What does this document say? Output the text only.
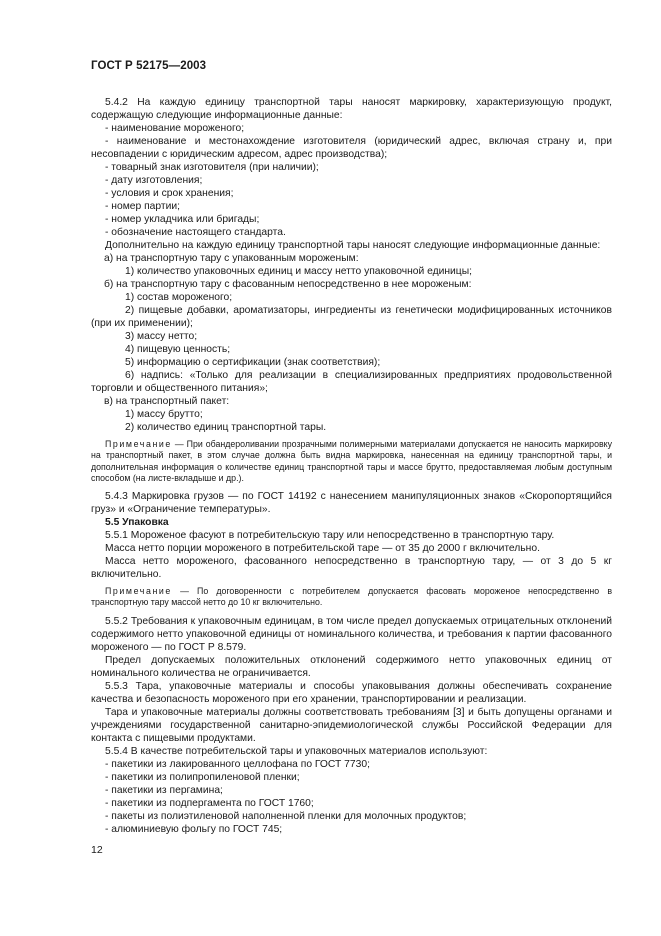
ГОСТ Р 52175—2003

5.4.2 На каждую единицу транспортной тары наносят маркировку, характеризующую продукт, содержащую следующие информационные данные:

- наименование мороженого;

- наименование и местонахождение изготовителя (юридический адрес, включая страну и, при несовпадении с юридическим адресом, адрес производства);

- товарный знак изготовителя (при наличии);

- дату изготовления;

- условия и срок хранения;

- номер партии;

- номер укладчика или бригады;

- обозначение настоящего стандарта.

Дополнительно на каждую единицу транспортной тары наносят следующие информационные данные:

а) на транспортную тару с упакованным мороженым:

1) количество упаковочных единиц и массу нетто упаковочной единицы;

б) на транспортную тару с фасованным непосредственно в нее мороженым:

1) состав мороженого;

2) пищевые добавки, ароматизаторы, ингредиенты из генетически модифицированных источников (при их применении);

3) массу нетто;

4) пищевую ценность;

5) информацию о сертификации (знак соответствия);

6) надпись: «Только для реализации в специализированных предприятиях продовольственной торговли и общественного питания»;

в) на транспортный пакет:

1) массу брутто;

2) количество единиц транспортной тары.

Примечание — При обандероливании прозрачными полимерными материалами допускается не наносить маркировку на транспортный пакет, в этом случае должна быть видна маркировка, нанесенная на единицу транспортной тары, и дополнительная информация о количестве единиц транспортной тары и массе брутто, предоставляемая любым доступным способом (на листе-вкладыше и др.).

5.4.3 Маркировка грузов — по ГОСТ 14192 с нанесением манипуляционных знаков «Скоропортящийся груз» и «Ограничение температуры».

5.5 Упаковка

5.5.1 Мороженое фасуют в потребительскую тару или непосредственно в транспортную тару.

Масса нетто порции мороженого в потребительской таре — от 35 до 2000 г включительно.

Масса нетто мороженого, фасованного непосредственно в транспортную тару, — от 3 до 5 кг включительно.

Примечание — По договоренности с потребителем допускается фасовать мороженое непосредственно в транспортную тару массой нетто до 10 кг включительно.

5.5.2 Требования к упаковочным единицам, в том числе предел допускаемых отрицательных отклонений содержимого нетто упаковочной единицы от номинального количества, и требования к партии фасованного мороженого — по ГОСТ Р 8.579.

Предел допускаемых положительных отклонений содержимого нетто упаковочных единиц от номинального количества не ограничивается.

5.5.3 Тара, упаковочные материалы и способы упаковывания должны обеспечивать сохранение качества и безопасность мороженого при его хранении, транспортировании и реализации.

Тара и упаковочные материалы должны соответствовать требованиям [3] и быть допущены органами и учреждениями государственной санитарно-эпидемиологической службы Российской Федерации для контакта с пищевыми продуктами.

5.5.4 В качестве потребительской тары и упаковочных материалов используют:

- пакетики из лакированного целлофана по ГОСТ 7730;

- пакетики из полипропиленовой пленки;

- пакетики из пергамина;

- пакетики из подпергамента по ГОСТ 1760;

- пакеты из полиэтиленовой наполненной пленки для молочных продуктов;

- алюминиевую фольгу по ГОСТ 745;

12
